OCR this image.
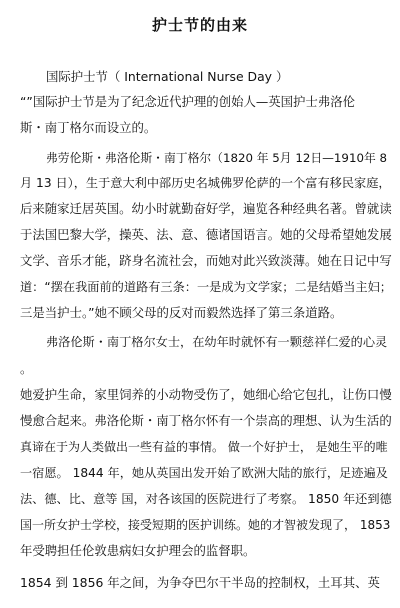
护士节的由来
国际护士节（ International Nurse Day ）
“”国际护士节是为了纪念近代护理的创始人—英国护士弗洛伦
斯・南丁格尔而设立的。
弗劳伦斯・弗洛伦斯・南丁格尔（1820 年 5月 12日—1910年 8
月 13 日），生于意大利中部历史名城佛罗伦萨的一个富有移民家庭，
后来随家迁居英国。幼小时就勤奋好学，遍览各种经典名著。曾就读
于法国巴黎大学，操英、法、意、德诸国语言。她的父母希望她发展
文学、音乐才能，跻身名流社会，而她对此兴致淡薄。她在日记中写
道：“摆在我面前的道路有三条：一是成为文学家；二是结婚当主妇；
三是当护士。”她不顾父母的反对而毅然选择了第三条道路。
弗洛伦斯・南丁格尔女士，在幼年时就怀有一颗慈祥仁爱的心灵
。
她爱护生命，家里饲养的小动物受伤了，她细心给它包扎，让伤口慢
慢愈合起来。弗洛伦斯・南丁格尔怀有一个崇高的理想、认为生活的
真谛在于为人类做出一些有益的事情。 做一个好护士， 是她生平的唯
一宿愿。 1844 年，她从英国出发开始了欧洲大陆的旅行，足迹遍及
法、德、比、意等 国，对各该国的医院进行了考察。 1850 年还到德
国一所女护士学校，接受短期的医护训练。她的才智被发现了， 1853
年受聘担任伦敦患病妇女护理会的监督职。
1854 到 1856 年之间，为争夺巴尔干半岛的控制权，土耳其、英
